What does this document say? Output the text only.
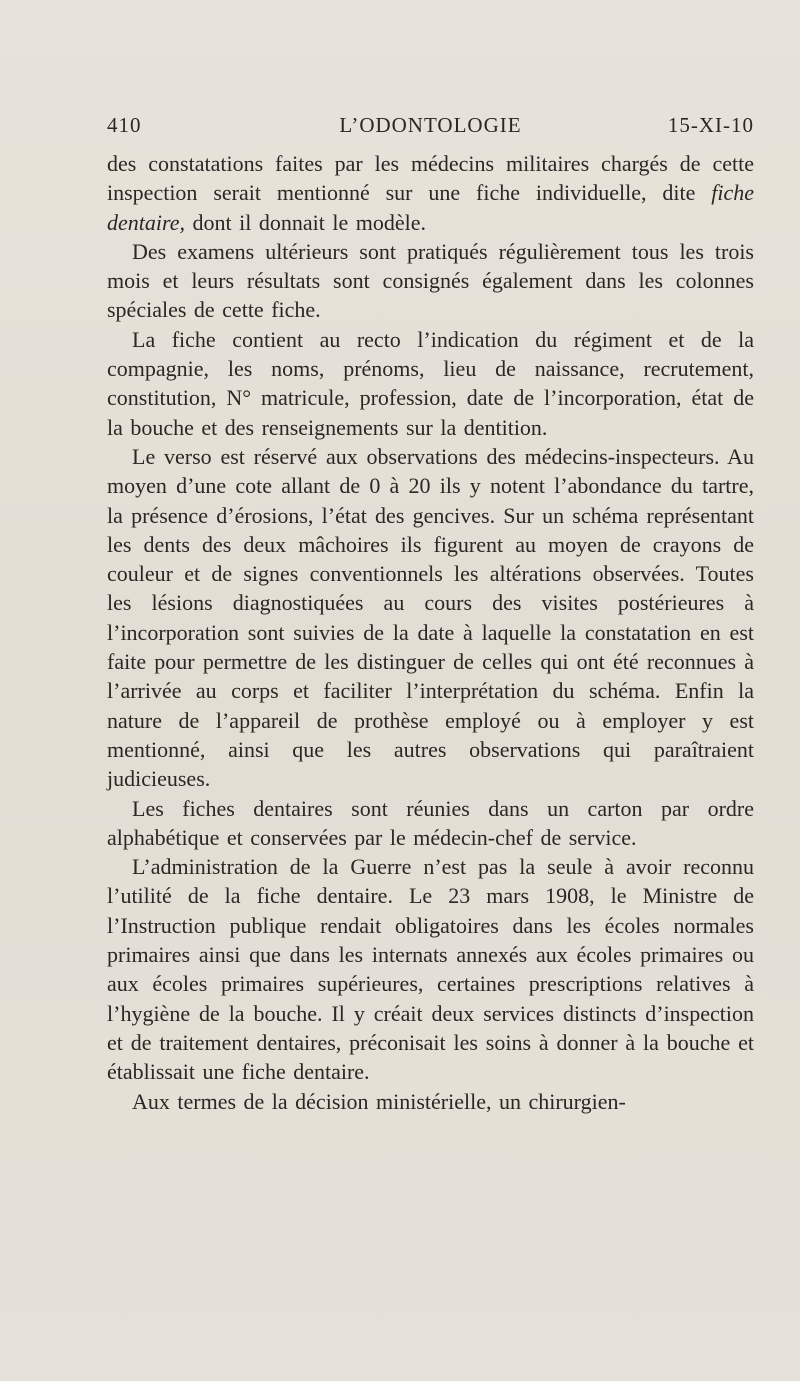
410	L’ODONTOLOGIE	15-XI-10

des constatations faites par les médecins militaires chargés de cette inspection serait mentionné sur une fiche individuelle, dite fiche dentaire, dont il donnait le modèle.

Des examens ultérieurs sont pratiqués régulièrement tous les trois mois et leurs résultats sont consignés également dans les colonnes spéciales de cette fiche.

La fiche contient au recto l’indication du régiment et de la compagnie, les noms, prénoms, lieu de naissance, recrutement, constitution, N° matricule, profession, date de l’incorporation, état de la bouche et des renseignements sur la dentition.

Le verso est réservé aux observations des médecins-inspecteurs. Au moyen d’une cote allant de 0 à 20 ils y notent l’abondance du tartre, la présence d’érosions, l’état des gencives. Sur un schéma représentant les dents des deux mâchoires ils figurent au moyen de crayons de couleur et de signes conventionnels les altérations observées. Toutes les lésions diagnostiquées au cours des visites postérieures à l’incorporation sont suivies de la date à laquelle la constatation en est faite pour permettre de les distinguer de celles qui ont été reconnues à l’arrivée au corps et faciliter l’interprétation du schéma. Enfin la nature de l’appareil de prothèse employé ou à employer y est mentionné, ainsi que les autres observations qui paraîtraient judicieuses.

Les fiches dentaires sont réunies dans un carton par ordre alphabétique et conservées par le médecin-chef de service.

L’administration de la Guerre n’est pas la seule à avoir reconnu l’utilité de la fiche dentaire. Le 23 mars 1908, le Ministre de l’Instruction publique rendait obligatoires dans les écoles normales primaires ainsi que dans les internats annexés aux écoles primaires ou aux écoles primaires supérieures, certaines prescriptions relatives à l’hygiène de la bouche. Il y créait deux services distincts d’inspection et de traitement dentaires, préconisait les soins à donner à la bouche et établissait une fiche dentaire.

Aux termes de la décision ministérielle, un chirurgien-
